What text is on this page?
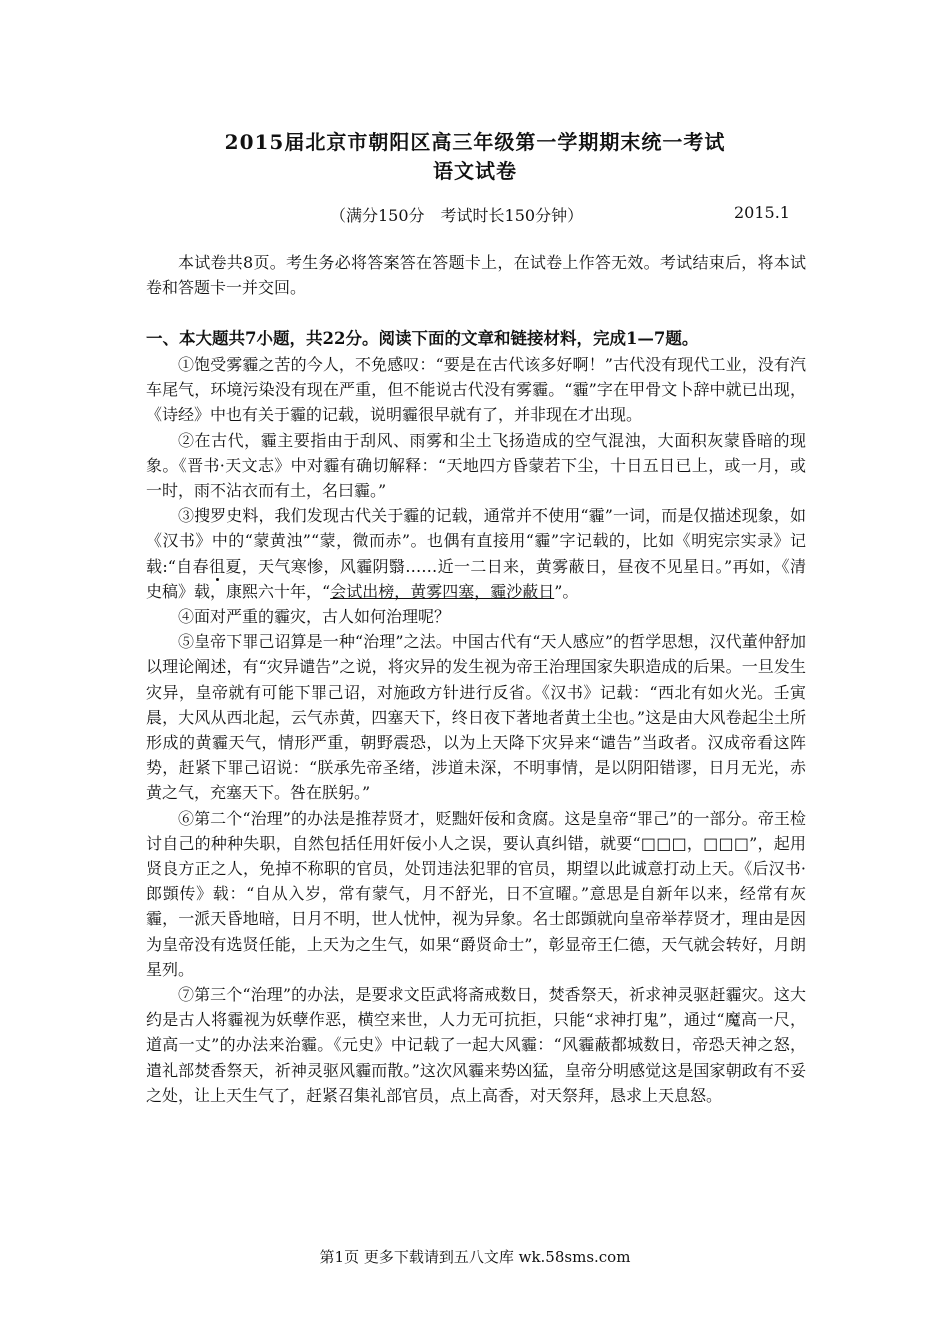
2015届北京市朝阳区高三年级第一学期期末统一考试
语文试卷
（满分150分　考试时长150分钟）	2015.1

本试卷共8页。考生务必将答案答在答题卡上，在试卷上作答无效。考试结束后，将本试卷和答题卡一并交回。

一、本大题共7小题，共22分。阅读下面的文章和链接材料，完成1—7题。

①饱受雾霾之苦的今人，不免感叹：“要是在古代该多好啊！”古代没有现代工业，没有汽车尾气，环境污染没有现在严重，但不能说古代没有雾霾。“霾”字在甲骨文卜辞中就已出现，《诗经》中也有关于霾的记载，说明霾很早就有了，并非现在才出现。

②在古代，霾主要指由于刮风、雨雾和尘土飞扬造成的空气混浊，大面积灰蒙昏暗的现象。《晋书·天文志》中对霾有确切解释：“天地四方昏蒙若下尘，十日五日已上，或一月，或一时，雨不沾衣而有土，名曰霾。”

③搜罗史料，我们发现古代关于霾的记载，通常并不使用“霾”一词，而是仅描述现象，如《汉书》中的“蒙黄浊”“蒙，微而赤”。也偶有直接用“霾”字记载的，比如《明宪宗实录》记载:“自春徂夏，天气寒惨，风霾阴翳……近一二日来，黄雾蔽日，昼夜不见星日。”再如，《清史稿》载，康熙六十年，“会试出榜，黄雾四塞，霾沙蔽日”。

④面对严重的霾灾，古人如何治理呢？

⑤皇帝下罪己诏算是一种“治理”之法。中国古代有“天人感应”的哲学思想，汉代董仲舒加以理论阐述，有“灾异谴告”之说，将灾异的发生视为帝王治理国家失职造成的后果。一旦发生灾异，皇帝就有可能下罪己诏，对施政方针进行反省。《汉书》记载：“西北有如火光。壬寅晨，大风从西北起，云气赤黄，四塞天下，终日夜下著地者黄土尘也。”这是由大风卷起尘土所形成的黄霾天气，情形严重，朝野震恐，以为上天降下灾异来“谴告”当政者。汉成帝看这阵势，赶紧下罪己诏说：“朕承先帝圣绪，涉道未深，不明事情，是以阴阳错谬，日月无光，赤黄之气，充塞天下。咎在朕躬。”

⑥第二个“治理”的办法是推荐贤才，贬黜奸佞和贪腐。这是皇帝“罪己”的一部分。帝王检讨自己的种种失职，自然包括任用奸佞小人之误，要认真纠错，就要“□□□，□□□”，起用贤良方正之人，免掉不称职的官员，处罚违法犯罪的官员，期望以此诚意打动上天。《后汉书·郎顗传》载：“自从入岁，常有蒙气，月不舒光，日不宣曜。”意思是自新年以来，经常有灰霾，一派天昏地暗，日月不明，世人忧忡，视为异象。名士郎顗就向皇帝举荐贤才，理由是因为皇帝没有选贤任能，上天为之生气，如果“爵贤命士”，彰显帝王仁德，天气就会转好，月朗星列。

⑦第三个“治理”的办法，是要求文臣武将斋戒数日，焚香祭天，祈求神灵驱赶霾灾。这大约是古人将霾视为妖孽作恶，横空来世，人力无可抗拒，只能“求神打鬼”，通过“魔高一尺，道高一丈”的办法来治霾。《元史》中记载了一起大风霾：“风霾蔽都城数日，帝恐天神之怒，遣礼部焚香祭天，祈神灵驱风霾而散。”这次风霾来势凶猛，皇帝分明感觉这是国家朝政有不妥之处，让上天生气了，赶紧召集礼部官员，点上高香，对天祭拜，恳求上天息怒。

第1页 更多下载请到五八文库 wk.58sms.com
